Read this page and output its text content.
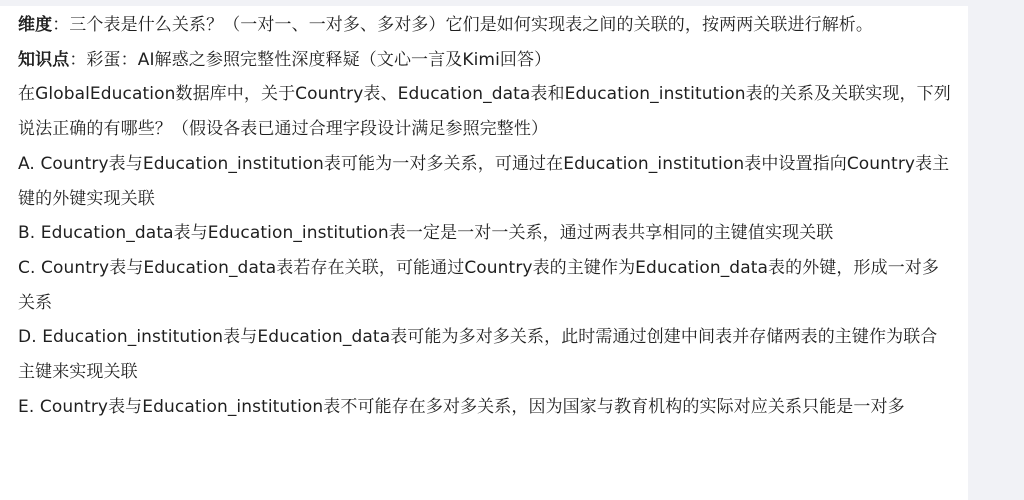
维度：三个表是什么关系？（一对一、一对多、多对多）它们是如何实现表之间的关联的，按两两关联进行解析。
知识点：彩蛋：AI解惑之参照完整性深度释疑（文心一言及Kimi回答）
在GlobalEducation数据库中，关于Country表、Education_data表和Education_institution表的关系及关联实现，下列说法正确的有哪些？（假设各表已通过合理字段设计满足参照完整性）
A. Country表与Education_institution表可能为一对多关系，可通过在Education_institution表中设置指向Country表主键的外键实现关联
B. Education_data表与Education_institution表一定是一对一关系，通过两表共享相同的主键值实现关联
C. Country表与Education_data表若存在关联，可能通过Country表的主键作为Education_data表的外键，形成一对多关系
D. Education_institution表与Education_data表可能为多对多关系，此时需通过创建中间表并存储两表的主键作为联合主键来实现关联
E. Country表与Education_institution表不可能存在多对多关系，因为国家与教育机构的实际对应关系只能是一对多
